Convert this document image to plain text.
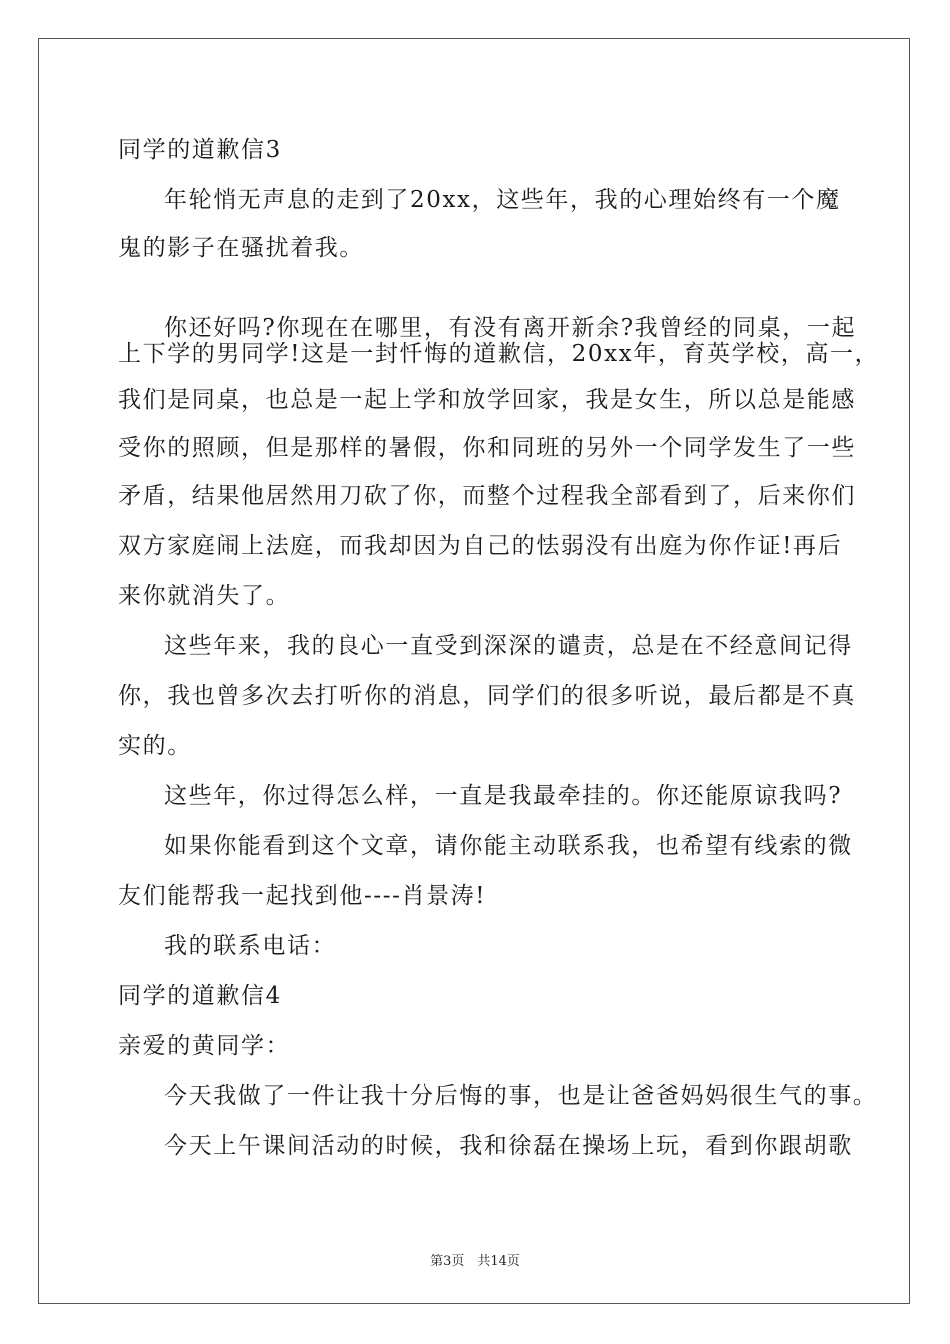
同学的道歉信3
年轮悄无声息的走到了20xx，这些年，我的心理始终有一个魔
鬼的影子在骚扰着我。
你还好吗?你现在在哪里，有没有离开新余?我曾经的同桌，一起
上下学的男同学!这是一封忏悔的道歉信，20xx年，育英学校，高一，
我们是同桌，也总是一起上学和放学回家，我是女生，所以总是能感
受你的照顾，但是那样的暑假，你和同班的另外一个同学发生了一些
矛盾，结果他居然用刀砍了你，而整个过程我全部看到了，后来你们
双方家庭闹上法庭，而我却因为自己的怯弱没有出庭为你作证!再后
来你就消失了。
这些年来，我的良心一直受到深深的谴责，总是在不经意间记得
你，我也曾多次去打听你的消息，同学们的很多听说，最后都是不真
实的。
这些年，你过得怎么样，一直是我最牵挂的。你还能原谅我吗?
如果你能看到这个文章，请你能主动联系我，也希望有线索的微
友们能帮我一起找到他----肖景涛!
我的联系电话：
同学的道歉信4
亲爱的黄同学：
今天我做了一件让我十分后悔的事，也是让爸爸妈妈很生气的事。
今天上午课间活动的时候，我和徐磊在操场上玩，看到你跟胡歌
第3页　共14页
